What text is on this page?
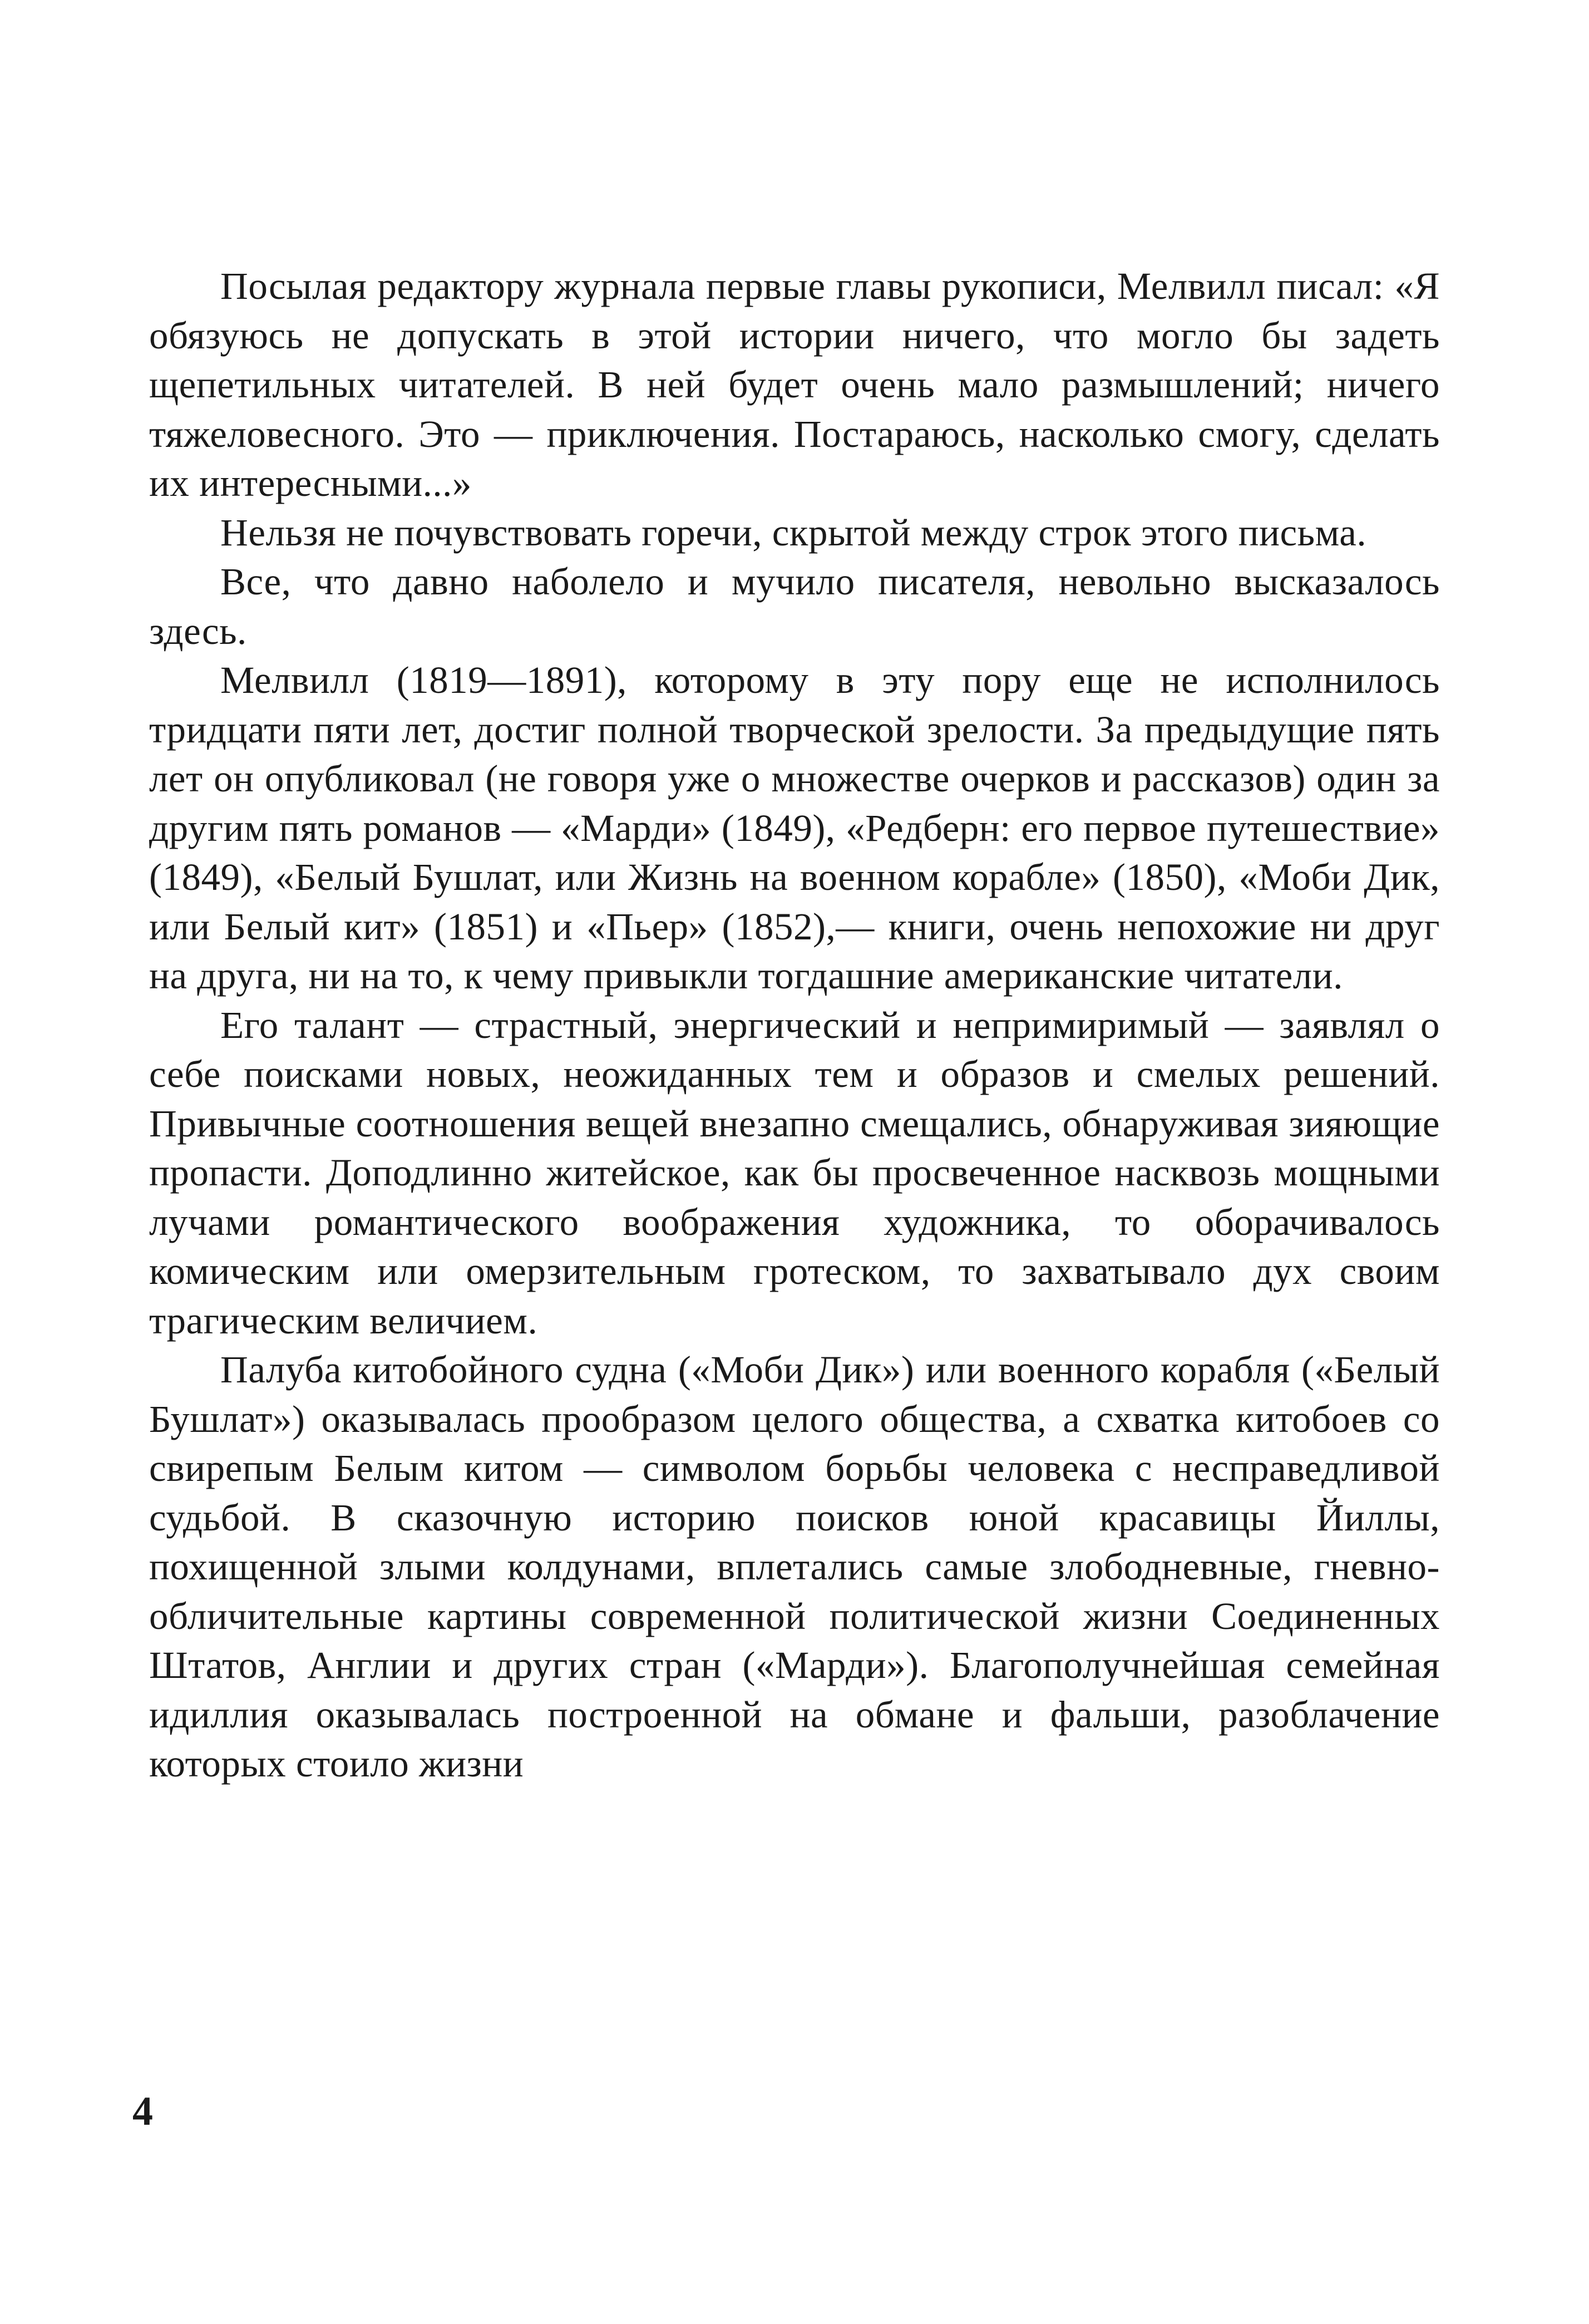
Посылая редактору журнала первые главы рукописи, Мелвилл писал: «Я обязуюсь не допускать в этой истории ничего, что могло бы задеть щепетильных читателей. В ней будет очень мало размышлений; ничего тяжеловесного. Это — приключения. Постараюсь, насколько смогу, сделать их интересными...»

Нельзя не почувствовать горечи, скрытой между строк этого письма.

Все, что давно наболело и мучило писателя, невольно высказалось здесь.

Мелвилл (1819—1891), которому в эту пору еще не исполнилось тридцати пяти лет, достиг полной творческой зрелости. За предыдущие пять лет он опубликовал (не говоря уже о множестве очерков и рассказов) один за другим пять романов — «Марди» (1849), «Редберн: его первое путешествие» (1849), «Белый Бушлат, или Жизнь на военном корабле» (1850), «Моби Дик, или Белый кит» (1851) и «Пьер» (1852),— книги, очень непохожие ни друг на друга, ни на то, к чему привыкли тогдашние американские читатели.

Его талант — страстный, энергический и непримиримый — заявлял о себе поисками новых, неожиданных тем и образов и смелых решений. Привычные соотношения вещей внезапно смещались, обнаруживая зияющие пропасти. Доподлинно житейское, как бы просвеченное насквозь мощными лучами романтического воображения художника, то оборачивалось комическим или омерзительным гротеском, то захватывало дух своим трагическим величием.

Палуба китобойного судна («Моби Дик») или военного корабля («Белый Бушлат») оказывалась прообразом целого общества, а схватка китобоев со свирепым Белым китом — символом борьбы человека с несправедливой судьбой. В сказочную историю поисков юной красавицы Йиллы, похищенной злыми колдунами, вплетались самые злободневные, гневно-обличительные картины современной политической жизни Соединенных Штатов, Англии и других стран («Марди»). Благополучнейшая семейная идиллия оказывалась построенной на обмане и фальши, разоблачение которых стоило жизни

4
